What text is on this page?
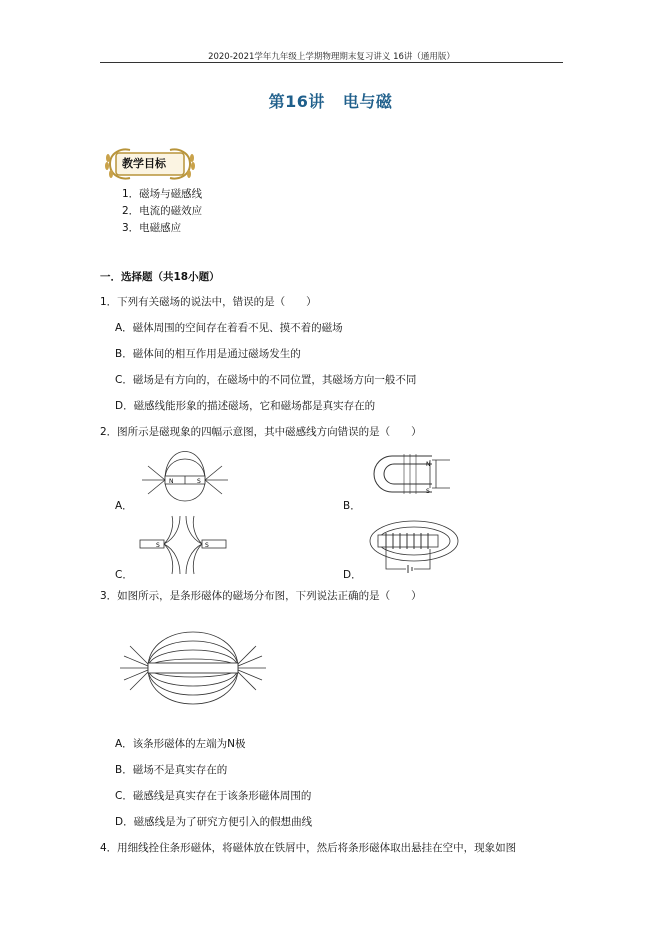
2020-2021学年九年级上学期物理期末复习讲义 16讲（通用版）
第16讲 电与磁
教学目标
1．磁场与磁感线
2．电流的磁效应
3．电磁感应
一．选择题（共18小题）
1．下列有关磁场的说法中，错误的是（　　）
A．磁体周围的空间存在着看不见、摸不着的磁场
B．磁体间的相互作用是通过磁场发生的
C．磁场是有方向的，在磁场中的不同位置，其磁场方向一般不同
D．磁感线能形象的描述磁场，它和磁场都是真实存在的
2．图所示是磁现象的四幅示意图，其中磁感线方向错误的是（　　）
N	S
A．
N
S
B．
S	S
C．	D．
3．如图所示，是条形磁体的磁场分布图，下列说法正确的是（　　）
A．该条形磁体的左端为N极
B．磁场不是真实存在的
C．磁感线是真实存在于该条形磁体周围的
D．磁感线是为了研究方便引入的假想曲线
4．用细线拴住条形磁体，将磁体放在铁屑中，然后将条形磁体取出悬挂在空中，现象如图
